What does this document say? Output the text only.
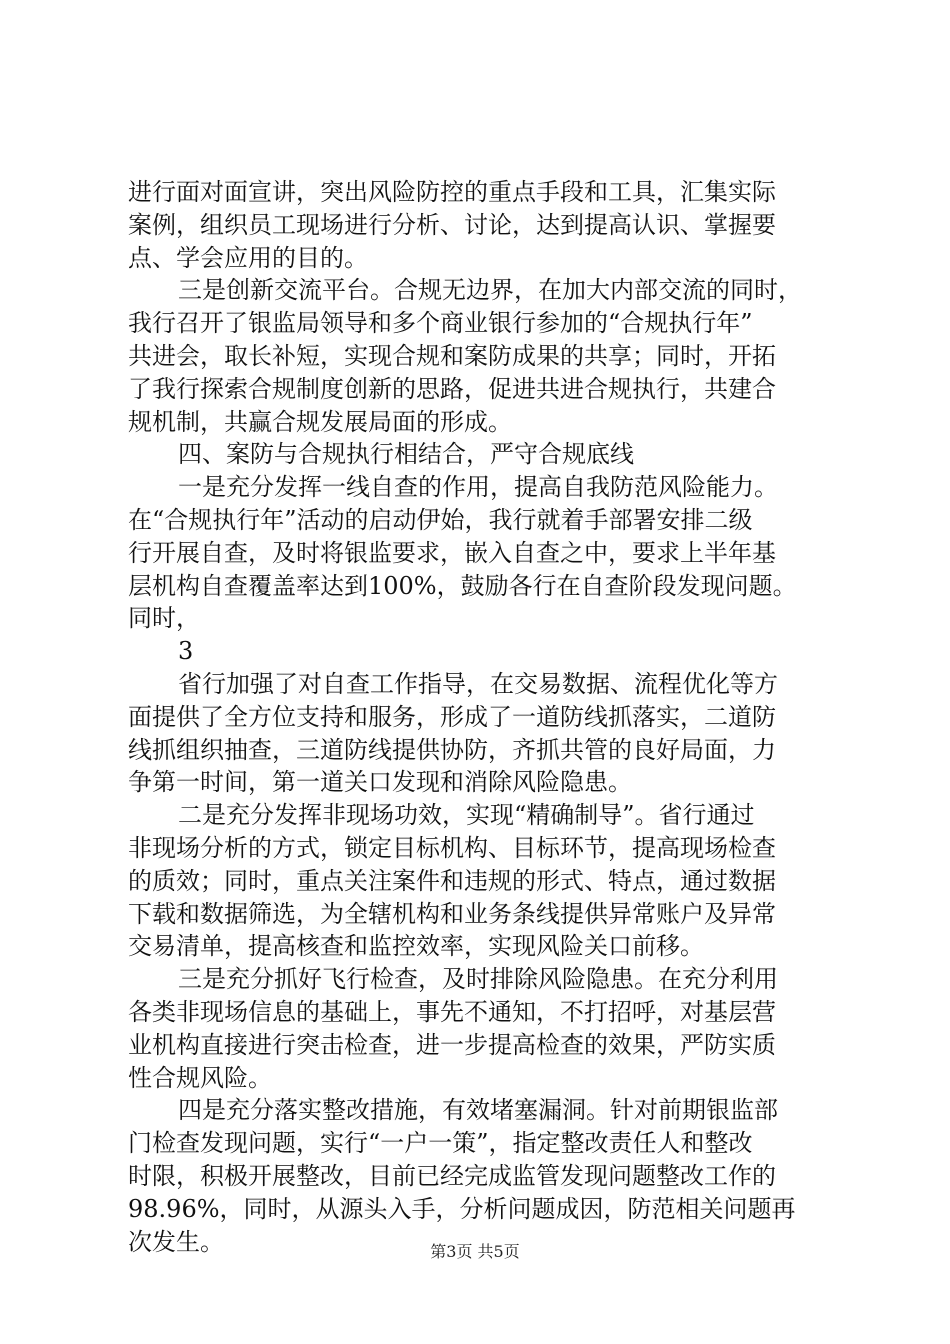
进行面对面宣讲，突出风险防控的重点手段和工具，汇集实际
案例，组织员工现场进行分析、讨论，达到提高认识、掌握要
点、学会应用的目的。
三是创新交流平台。合规无边界，在加大内部交流的同时，
我行召开了银监局领导和多个商业银行参加的“合规执行年”
共进会，取长补短，实现合规和案防成果的共享；同时，开拓
了我行探索合规制度创新的思路，促进共进合规执行，共建合
规机制，共赢合规发展局面的形成。
四、案防与合规执行相结合，严守合规底线
一是充分发挥一线自查的作用，提高自我防范风险能力。
在“合规执行年”活动的启动伊始，我行就着手部署安排二级
行开展自查，及时将银监要求，嵌入自查之中，要求上半年基
层机构自查覆盖率达到100%，鼓励各行在自查阶段发现问题。
同时，
3
省行加强了对自查工作指导，在交易数据、流程优化等方
面提供了全方位支持和服务，形成了一道防线抓落实，二道防
线抓组织抽查，三道防线提供协防，齐抓共管的良好局面，力
争第一时间，第一道关口发现和消除风险隐患。
二是充分发挥非现场功效，实现“精确制导”。省行通过
非现场分析的方式，锁定目标机构、目标环节，提高现场检查
的质效；同时，重点关注案件和违规的形式、特点，通过数据
下载和数据筛选，为全辖机构和业务条线提供异常账户及异常
交易清单，提高核查和监控效率，实现风险关口前移。
三是充分抓好飞行检查，及时排除风险隐患。在充分利用
各类非现场信息的基础上，事先不通知，不打招呼，对基层营
业机构直接进行突击检查，进一步提高检查的效果，严防实质
性合规风险。
四是充分落实整改措施，有效堵塞漏洞。针对前期银监部
门检查发现问题，实行“一户一策”，指定整改责任人和整改
时限，积极开展整改，目前已经完成监管发现问题整改工作的
98.96%，同时，从源头入手，分析问题成因，防范相关问题再
次发生。	第3页 共5页
